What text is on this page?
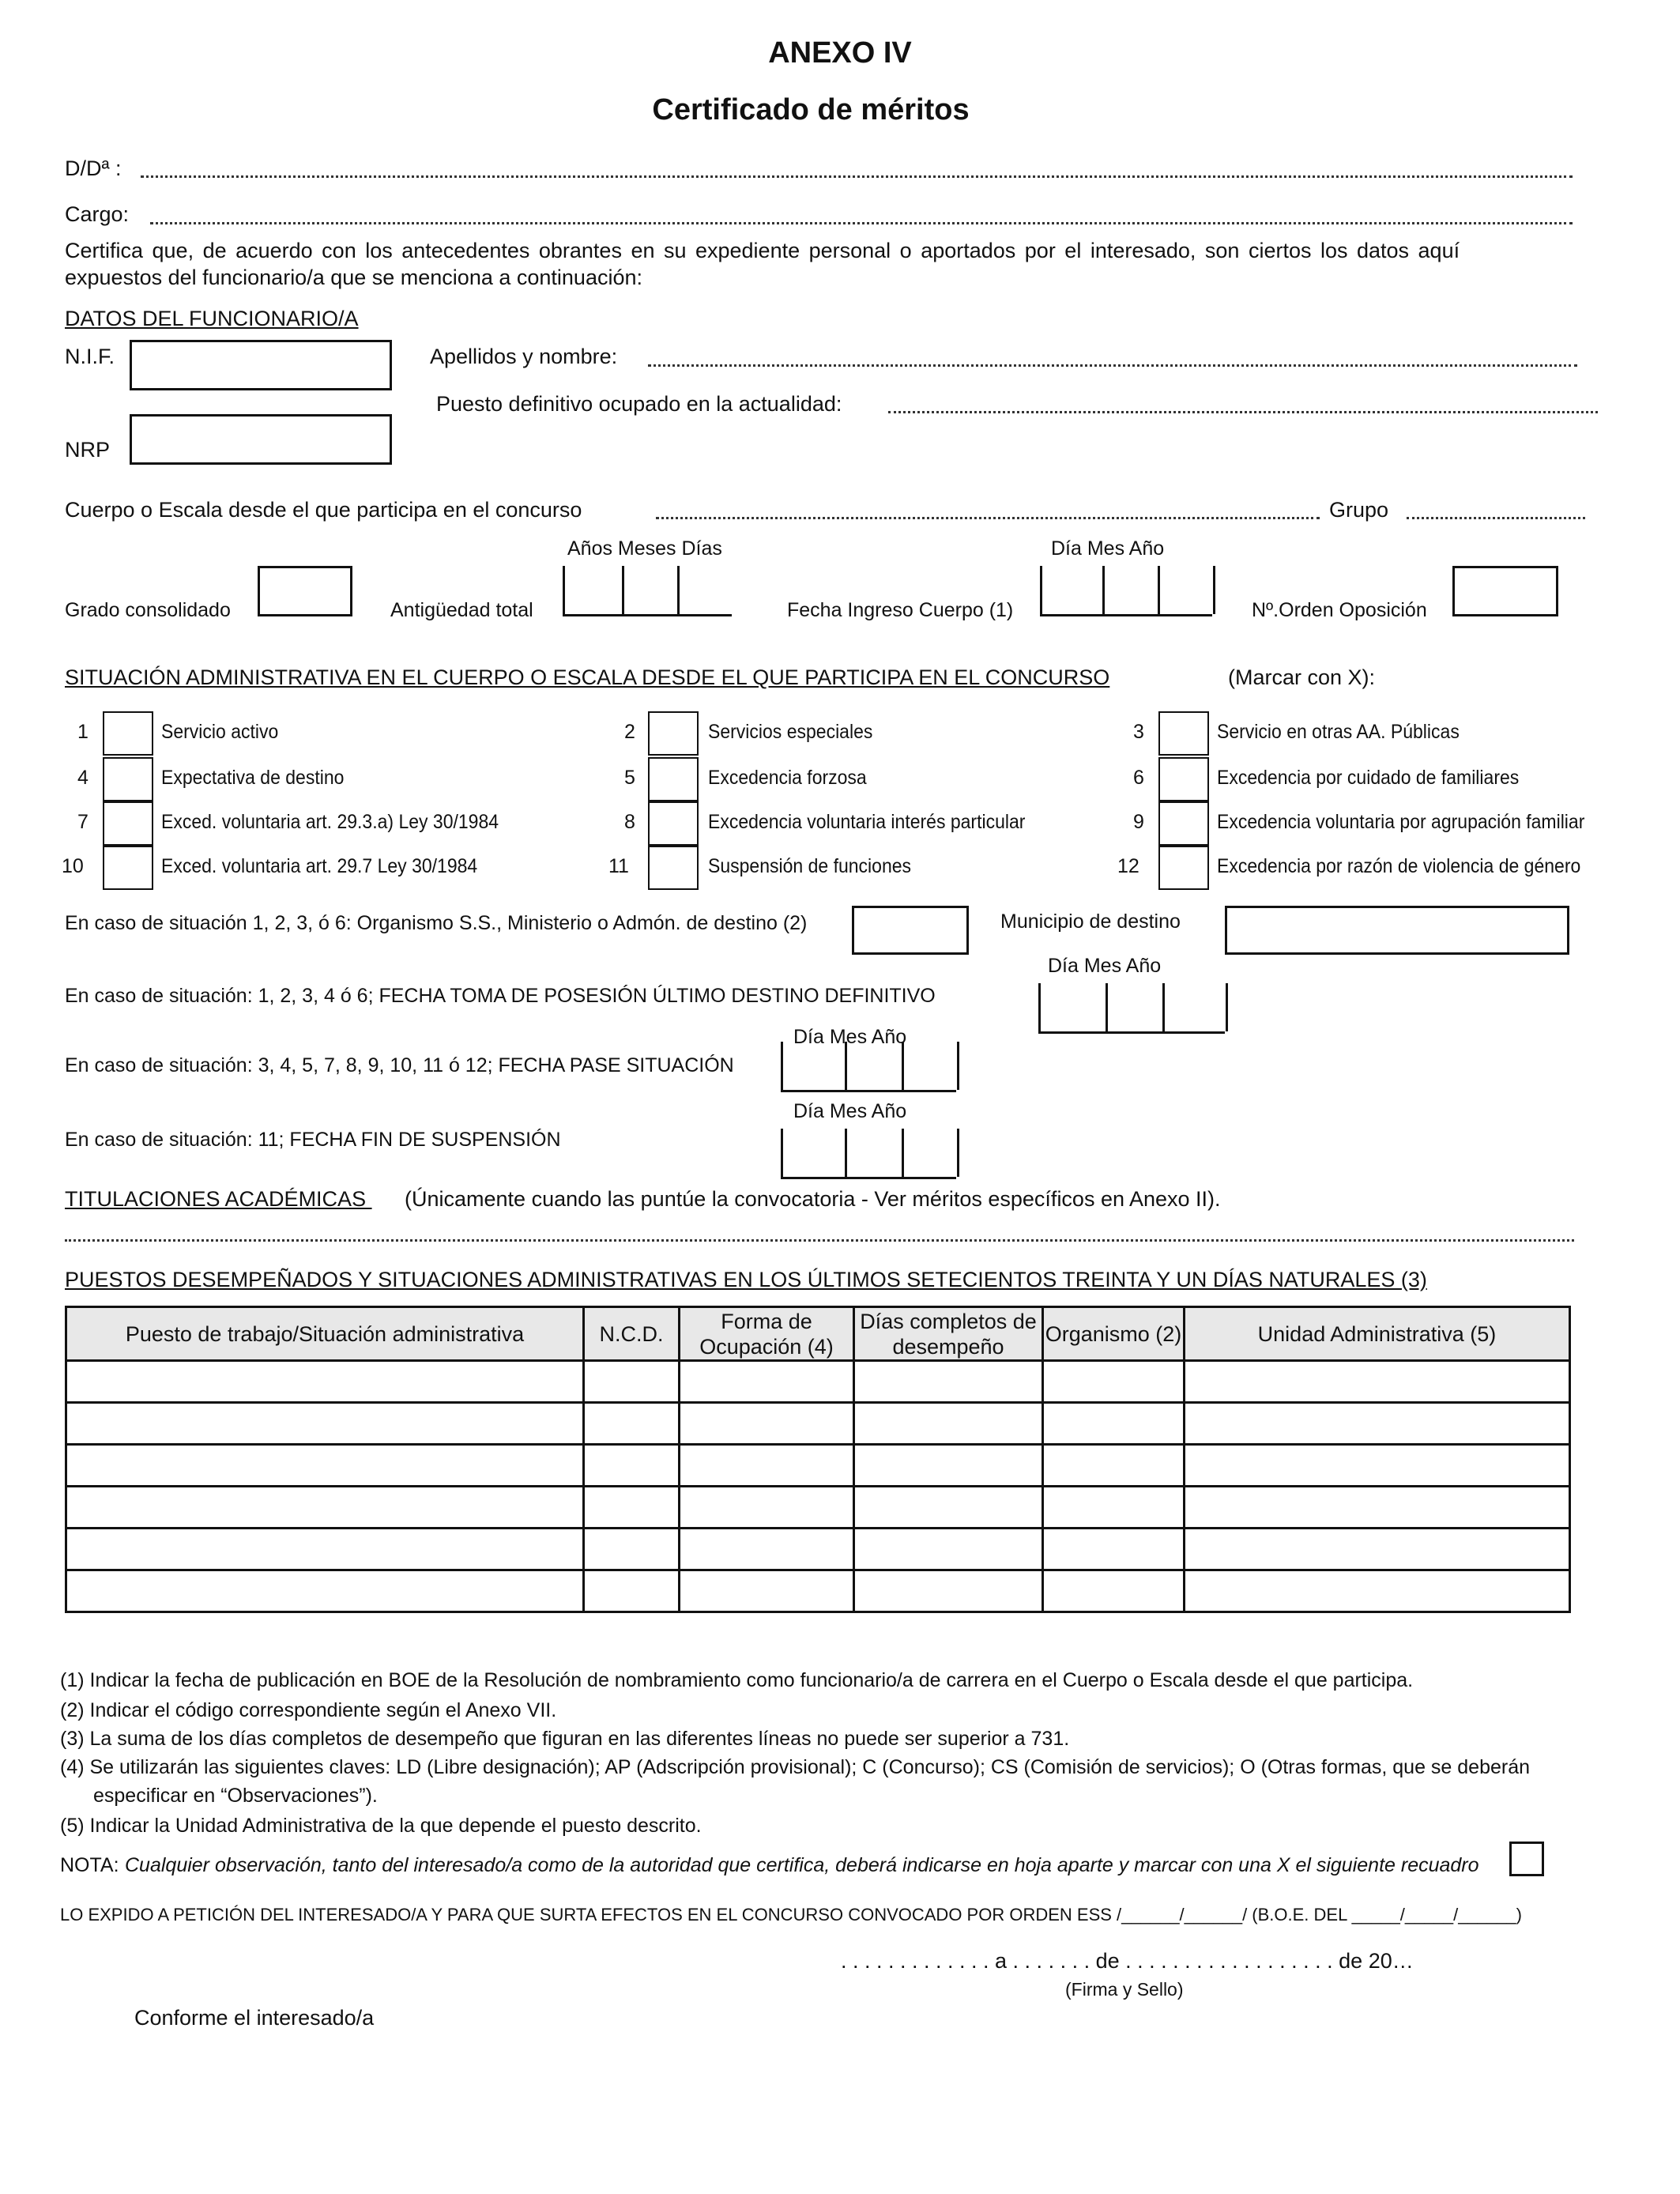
ANEXO IV
Certificado de méritos
D/Dª :
Cargo:
Certifica que, de acuerdo con los antecedentes obrantes en su expediente personal o aportados por el interesado, son ciertos los datos aquí
expuestos del funcionario/a que se menciona a continuación:
DATOS DEL FUNCIONARIO/A
N.I.F.	Apellidos y nombre:
Puesto definitivo ocupado en la actualidad:
NRP
Cuerpo o Escala desde el que participa en el concurso	Grupo
Años Meses Días	Día Mes Año
Grado consolidado	Antigüedad total	Fecha Ingreso Cuerpo (1)	Nº.Orden Oposición
SITUACIÓN ADMINISTRATIVA EN EL CUERPO O ESCALA DESDE EL QUE PARTICIPA EN EL CONCURSO	(Marcar con X):
1	Servicio activo	2	Servicios especiales	3	Servicio en otras AA. Públicas
4	Expectativa de destino	5	Excedencia forzosa	6	Excedencia por cuidado de familiares
7	Exced. voluntaria art. 29.3.a) Ley 30/1984	8	Excedencia voluntaria interés particular	9	Excedencia voluntaria por agrupación familiar
10	Exced. voluntaria art. 29.7 Ley 30/1984	11	Suspensión de funciones	12	Excedencia por razón de violencia de género
En caso de situación 1, 2, 3, ó 6: Organismo S.S., Ministerio o Admón. de destino (2)	Municipio de destino
Día Mes Año
En caso de situación: 1, 2, 3, 4 ó 6; FECHA TOMA DE POSESIÓN ÚLTIMO DESTINO DEFINITIVO
Día Mes Año
En caso de situación: 3, 4, 5, 7, 8, 9, 10, 11 ó 12; FECHA PASE SITUACIÓN
Día Mes Año
En caso de situación: 11; FECHA FIN DE SUSPENSIÓN
TITULACIONES ACADÉMICAS (Únicamente cuando las puntúe la convocatoria - Ver méritos específicos en Anexo II).
PUESTOS DESEMPEÑADOS Y SITUACIONES ADMINISTRATIVAS EN LOS ÚLTIMOS SETECIENTOS TREINTA Y UN DÍAS NATURALES (3)
Puesto de trabajo/Situación administrativa	N.C.D.	Forma de Ocupación (4)	Días completos de desempeño	Organismo (2)	Unidad Administrativa (5)

(1) Indicar la fecha de publicación en BOE de la Resolución de nombramiento como funcionario/a de carrera en el Cuerpo o Escala desde el que participa.
(2) Indicar el código correspondiente según el Anexo VII.
(3) La suma de los días completos de desempeño que figuran en las diferentes líneas no puede ser superior a 731.
(4) Se utilizarán las siguientes claves: LD (Libre designación); AP (Adscripción provisional); C (Concurso); CS (Comisión de servicios); O (Otras formas, que se deberán
especificar en “Observaciones”).
(5) Indicar la Unidad Administrativa de la que depende el puesto descrito.
NOTA: Cualquier observación, tanto del interesado/a como de la autoridad que certifica, deberá indicarse en hoja aparte y marcar con una X el siguiente recuadro
LO EXPIDO A PETICIÓN DEL INTERESADO/A Y PARA QUE SURTA EFECTOS EN EL CONCURSO CONVOCADO POR ORDEN ESS /______/______/ (B.O.E. DEL _____/_____/______)
. . . . . . . . . . . . . a . . . . . . . de . . . . . . . . . . . . . . . . . . de 20…
(Firma y Sello)
Conforme el interesado/a
